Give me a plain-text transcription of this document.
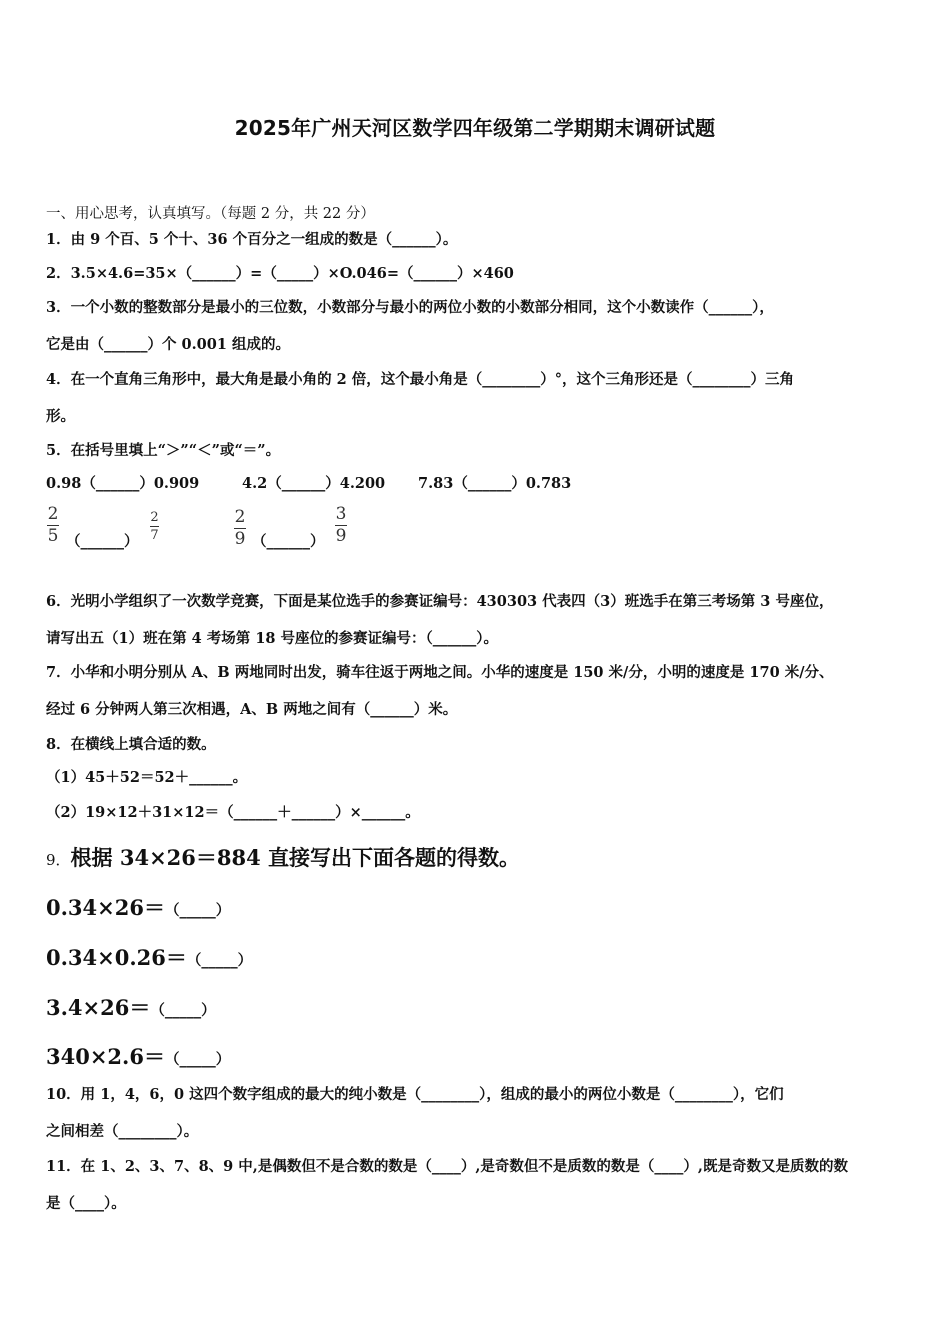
2025年广州天河区数学四年级第二学期期末调研试题
一、用心思考，认真填写。（每题 2 分，共 22 分）
1．由 9 个百、5 个十、36 个百分之一组成的数是（______）。
2．3.5×4.6=35×（______）=（_____）×O.046=（______）×460
3．一个小数的整数部分是最小的三位数，小数部分与最小的两位小数的小数部分相同，这个小数读作（______），
它是由（______）个 0.001 组成的。
4．在一个直角三角形中，最大角是最小角的 2 倍，这个最小角是（________）°，这个三角形还是（________）三角
形。
5．在括号里填上“＞”“＜”或“＝”。
0.98（______）0.909	4.2（______）4.200 7.83（______）0.783
2
5 （______）
2
7
2
9 （______）
3
9
6．光明小学组织了一次数学竞赛，下面是某位选手的参赛证编号：430303 代表四（3）班选手在第三考场第 3 号座位，
请写出五（1）班在第 4 考场第 18 号座位的参赛证编号：（______）。
7．小华和小明分别从 A、B 两地同时出发，骑车往返于两地之间。小华的速度是 150 米/分，小明的速度是 170 米/分、
经过 6 分钟两人第三次相遇，A、B 两地之间有（______）米。
8．在横线上填合适的数。
（1）45＋52＝52＋______。
（2）19×12＋31×12＝（______＋______）×______。
9．根据 34×26＝884 直接写出下面各题的得数。
0.34×26＝（_____）
0.34×0.26＝（_____）
3.4×26＝（_____）
340×2.6＝（_____）
10．用 1，4，6，0 这四个数字组成的最大的纯小数是（________），组成的最小的两位小数是（________），它们
之间相差（________）。
11．在 1、2、3、7、8、9 中,是偶数但不是合数的数是（____）,是奇数但不是质数的数是（____）,既是奇数又是质数的数
是（____）。
